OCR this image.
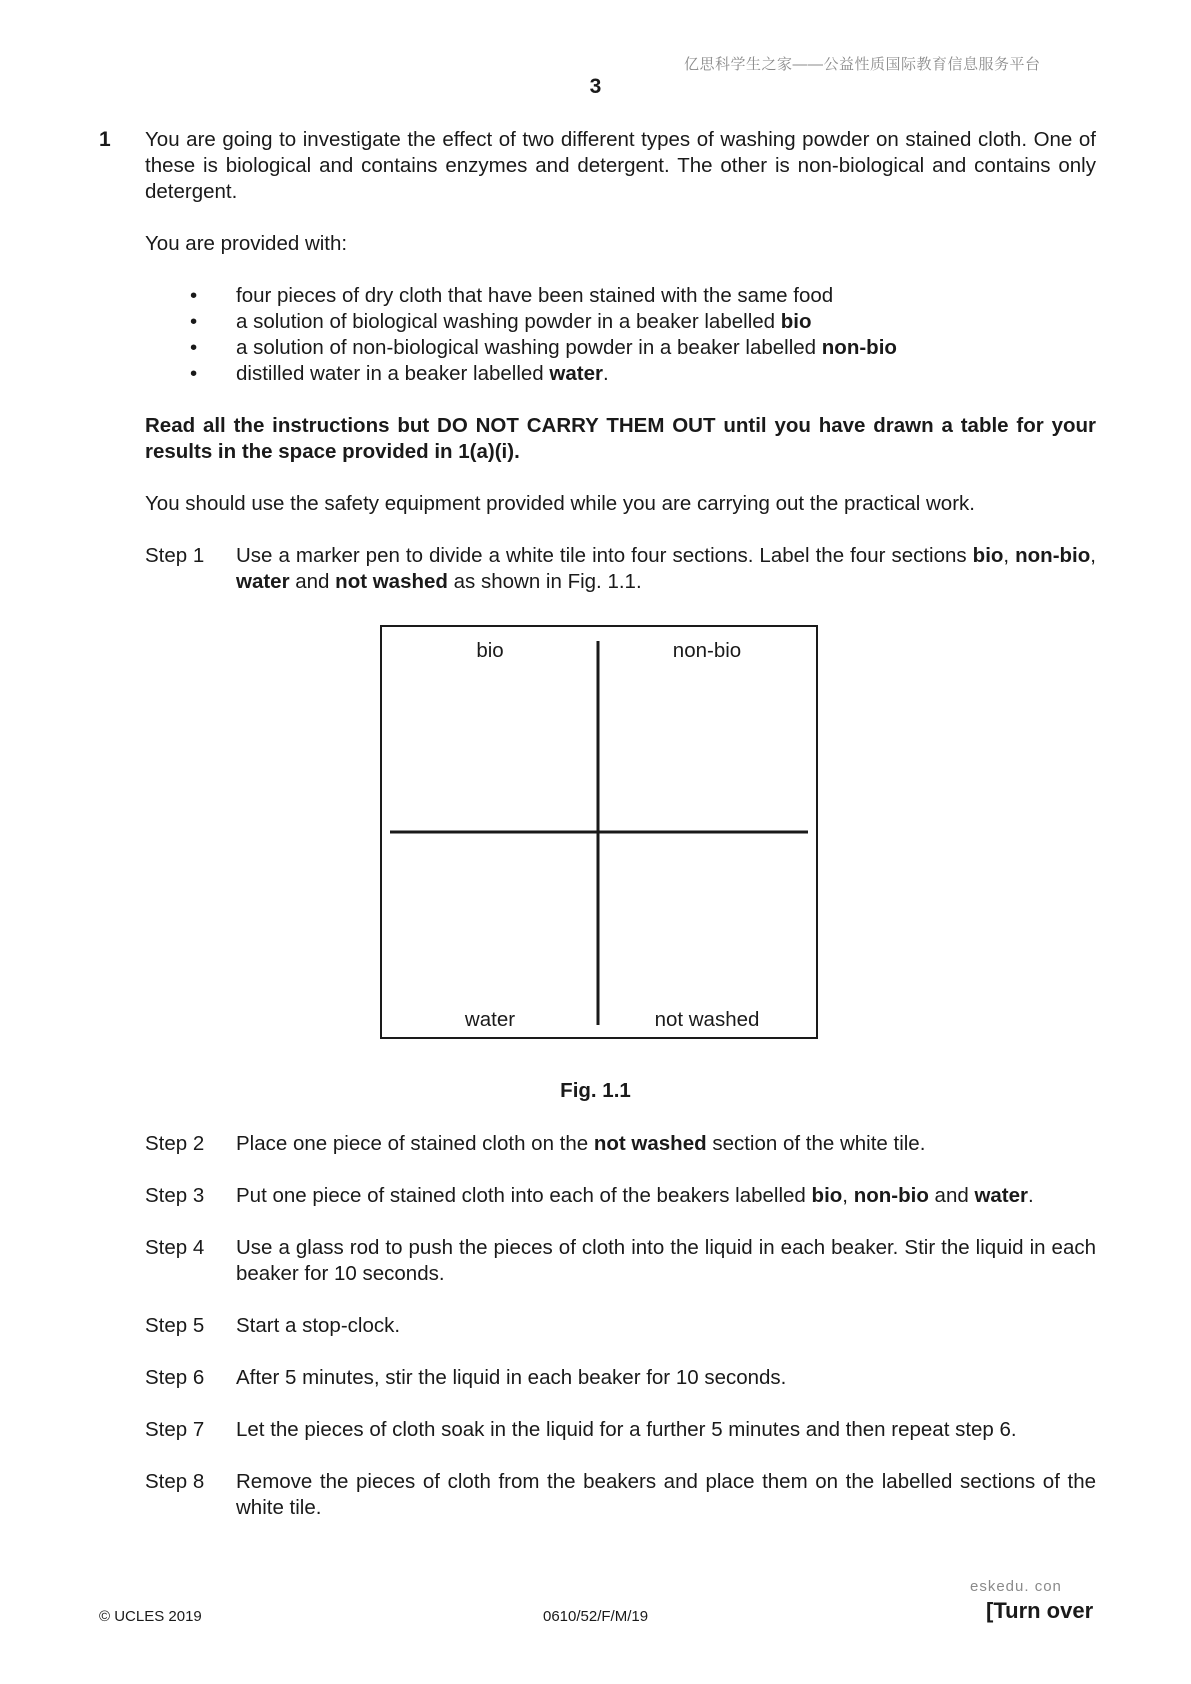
亿思科学生之家——公益性质国际教育信息服务平台
3
1 You are going to investigate the effect of two different types of washing powder on stained cloth. One of these is biological and contains enzymes and detergent. The other is non-biological and contains only detergent.
You are provided with:
•	four pieces of dry cloth that have been stained with the same food
•	a solution of biological washing powder in a beaker labelled bio
•	a solution of non-biological washing powder in a beaker labelled non-bio
•	distilled water in a beaker labelled water.
Read all the instructions but DO NOT CARRY THEM OUT until you have drawn a table for your results in the space provided in 1(a)(i).
You should use the safety equipment provided while you are carrying out the practical work.
Step 1	Use a marker pen to divide a white tile into four sections. Label the four sections bio, non-bio, water and not washed as shown in Fig. 1.1.
bio	non-bio
water	not washed
Fig. 1.1
Step 2	Place one piece of stained cloth on the not washed section of the white tile.
Step 3	Put one piece of stained cloth into each of the beakers labelled bio, non-bio and water.
Step 4	Use a glass rod to push the pieces of cloth into the liquid in each beaker. Stir the liquid in each beaker for 10 seconds.
Step 5	Start a stop-clock.
Step 6	After 5 minutes, stir the liquid in each beaker for 10 seconds.
Step 7	Let the pieces of cloth soak in the liquid for a further 5 minutes and then repeat step 6.
Step 8	Remove the pieces of cloth from the beakers and place them on the labelled sections of the white tile.
© UCLES 2019	0610/52/F/M/19
eskedu. con
[Turn over
